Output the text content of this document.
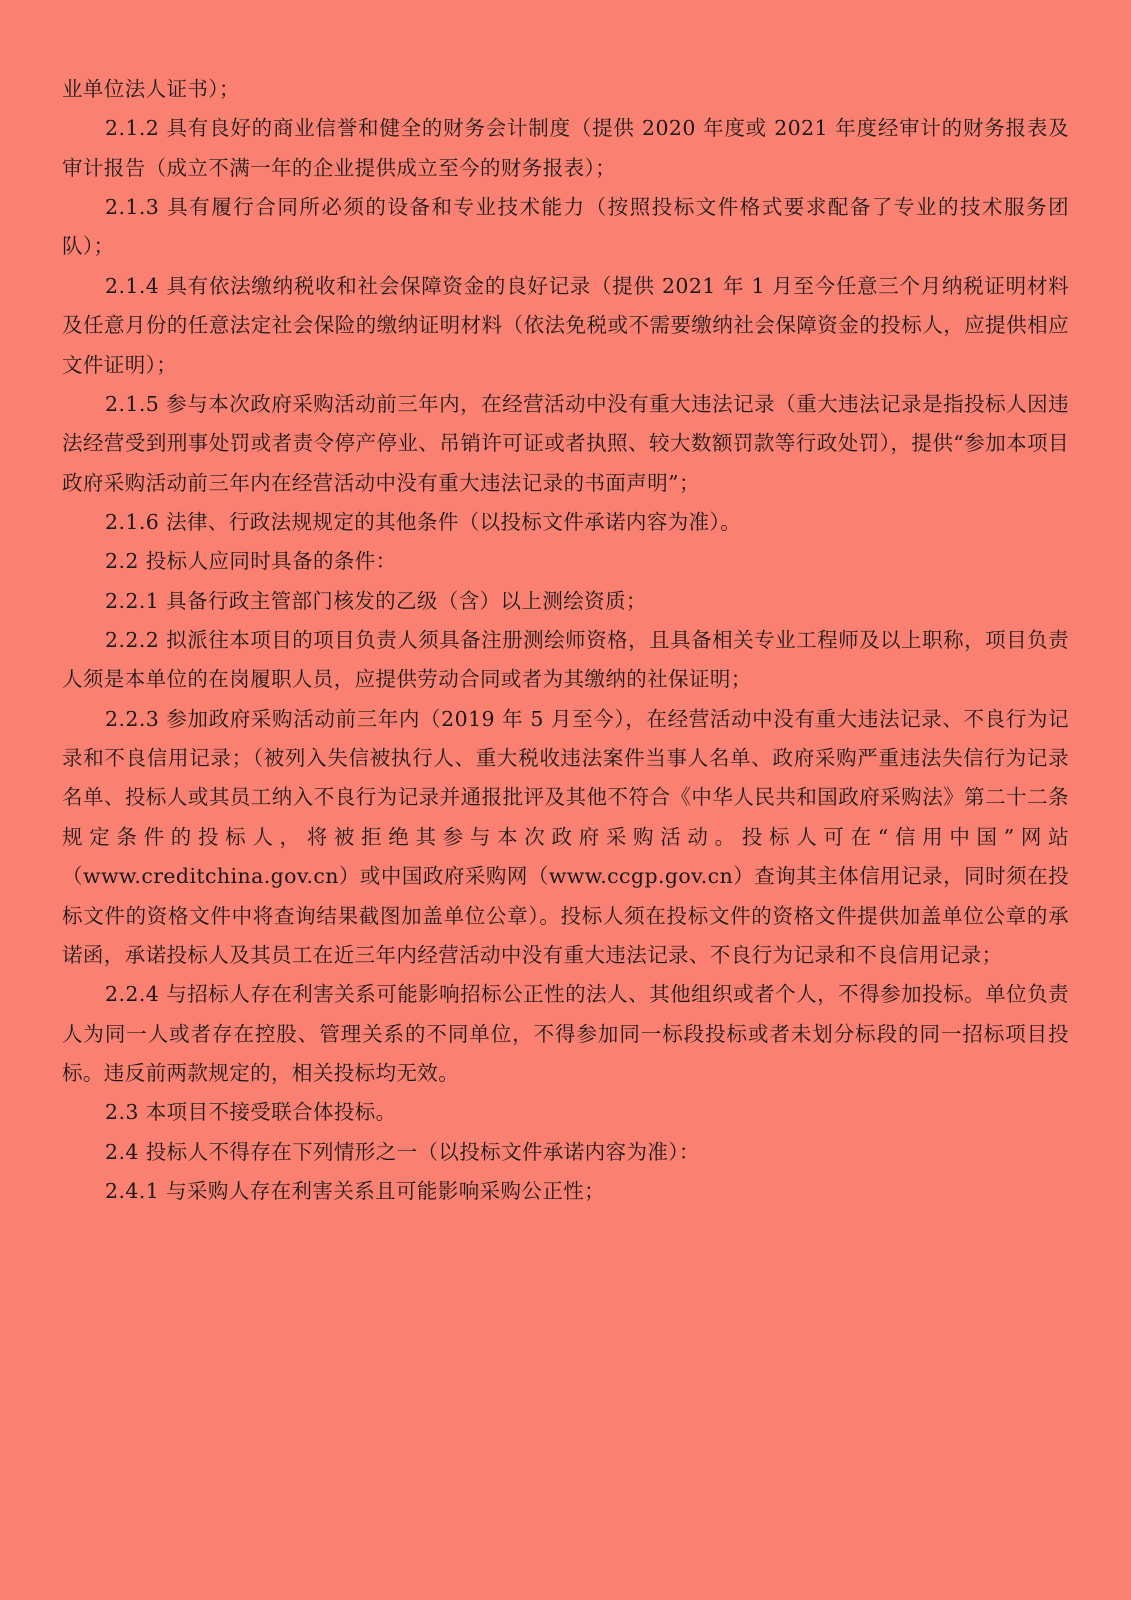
业单位法人证书）；

2.1.2 具有良好的商业信誉和健全的财务会计制度（提供 2020 年度或 2021 年度经审计的财务报表及审计报告（成立不满一年的企业提供成立至今的财务报表）；

2.1.3 具有履行合同所必须的设备和专业技术能力（按照投标文件格式要求配备了专业的技术服务团队）；

2.1.4 具有依法缴纳税收和社会保障资金的良好记录（提供 2021 年 1 月至今任意三个月纳税证明材料及任意月份的任意法定社会保险的缴纳证明材料（依法免税或不需要缴纳社会保障资金的投标人，应提供相应文件证明）；

2.1.5 参与本次政府采购活动前三年内，在经营活动中没有重大违法记录（重大违法记录是指投标人因违法经营受到刑事处罚或者责令停产停业、吊销许可证或者执照、较大数额罚款等行政处罚），提供“参加本项目政府采购活动前三年内在经营活动中没有重大违法记录的书面声明”；

2.1.6 法律、行政法规规定的其他条件（以投标文件承诺内容为准）。

2.2 投标人应同时具备的条件：

2.2.1 具备行政主管部门核发的乙级（含）以上测绘资质；

2.2.2 拟派往本项目的项目负责人须具备注册测绘师资格，且具备相关专业工程师及以上职称，项目负责人须是本单位的在岗履职人员，应提供劳动合同或者为其缴纳的社保证明；

2.2.3 参加政府采购活动前三年内（2019 年 5 月至今），在经营活动中没有重大违法记录、不良行为记录和不良信用记录；（被列入失信被执行人、重大税收违法案件当事人名单、政府采购严重违法失信行为记录名单、投标人或其员工纳入不良行为记录并通报批评及其他不符合《中华人民共和国政府采购法》第二十二条规定条件的投标人，将被拒绝其参与本次政府采购活动。投标人可在“信用中国”网站（www.creditchina.gov.cn）或中国政府采购网（www.ccgp.gov.cn）查询其主体信用记录，同时须在投标文件的资格文件中将查询结果截图加盖单位公章）。投标人须在投标文件的资格文件提供加盖单位公章的承诺函，承诺投标人及其员工在近三年内经营活动中没有重大违法记录、不良行为记录和不良信用记录；

2.2.4 与招标人存在利害关系可能影响招标公正性的法人、其他组织或者个人，不得参加投标。单位负责人为同一人或者存在控股、管理关系的不同单位，不得参加同一标段投标或者未划分标段的同一招标项目投标。违反前两款规定的，相关投标均无效。

2.3 本项目不接受联合体投标。

2.4 投标人不得存在下列情形之一（以投标文件承诺内容为准）：

2.4.1 与采购人存在利害关系且可能影响采购公正性；
